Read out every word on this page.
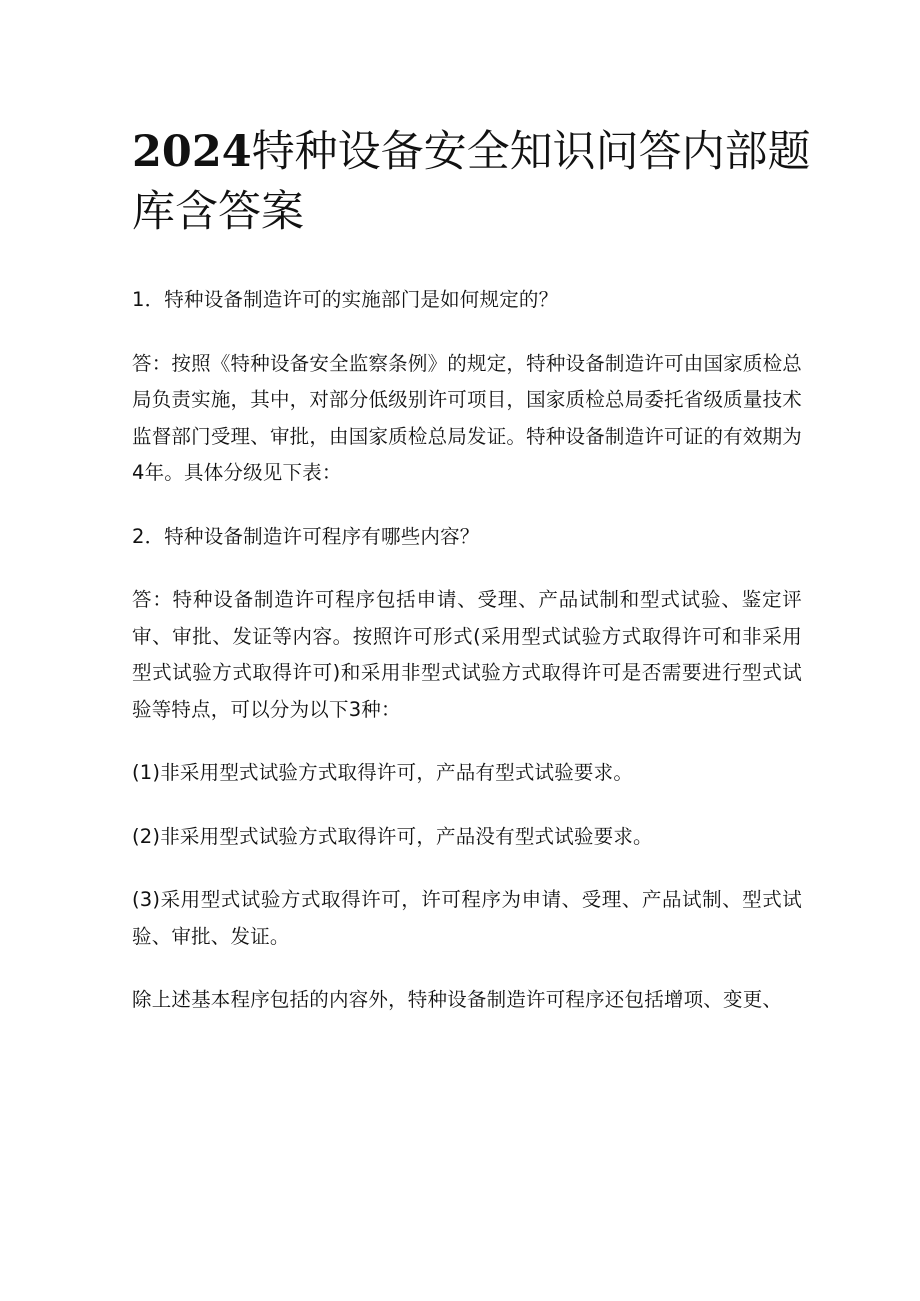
2024特种设备安全知识问答内部题库含答案

1．特种设备制造许可的实施部门是如何规定的？

答：按照《特种设备安全监察条例》的规定，特种设备制造许可由国家质检总局负责实施，其中，对部分低级别许可项目，国家质检总局委托省级质量技术监督部门受理、审批，由国家质检总局发证。特种设备制造许可证的有效期为4年。具体分级见下表：

2．特种设备制造许可程序有哪些内容？

答：特种设备制造许可程序包括申请、受理、产品试制和型式试验、鉴定评审、审批、发证等内容。按照许可形式(采用型式试验方式取得许可和非采用型式试验方式取得许可)和采用非型式试验方式取得许可是否需要进行型式试验等特点，可以分为以下3种：

(1)非采用型式试验方式取得许可，产品有型式试验要求。

(2)非采用型式试验方式取得许可，产品没有型式试验要求。

(3)采用型式试验方式取得许可，许可程序为申请、受理、产品试制、型式试验、审批、发证。

除上述基本程序包括的内容外，特种设备制造许可程序还包括增项、变更、
